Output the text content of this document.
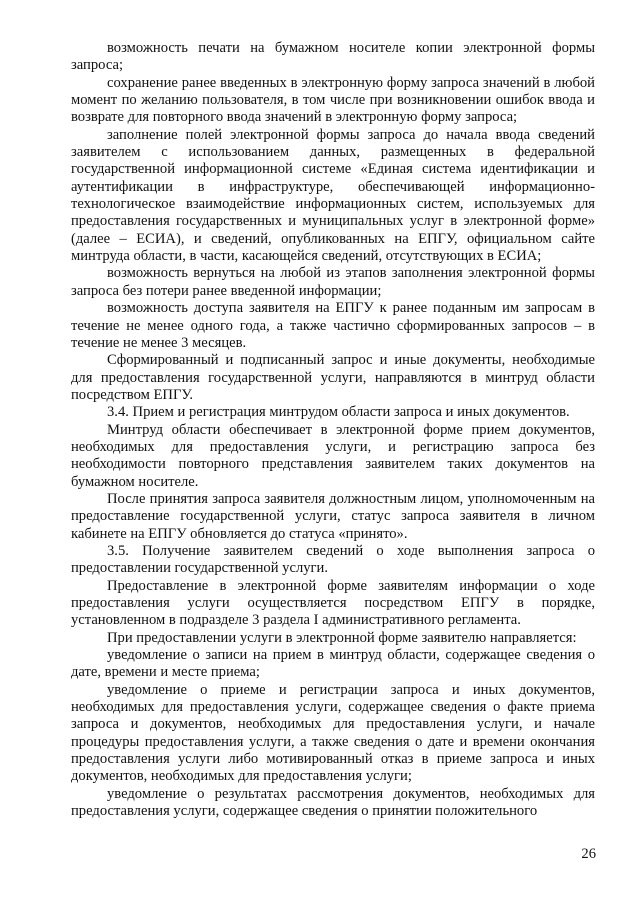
возможность печати на бумажном носителе копии электронной формы запроса;

сохранение ранее введенных в электронную форму запроса значений в любой момент по желанию пользователя, в том числе при возникновении ошибок ввода и возврате для повторного ввода значений в электронную форму запроса;

заполнение полей электронной формы запроса до начала ввода сведений заявителем с использованием данных, размещенных в федеральной государственной информационной системе «Единая система идентификации и аутентификации в инфраструктуре, обеспечивающей информационно-технологическое взаимодействие информационных систем, используемых для предоставления государственных и муниципальных услуг в электронной форме» (далее – ЕСИА), и сведений, опубликованных на ЕПГУ, официальном сайте минтруда области, в части, касающейся сведений, отсутствующих в ЕСИА;

возможность вернуться на любой из этапов заполнения электронной формы запроса без потери ранее введенной информации;

возможность доступа заявителя на ЕПГУ к ранее поданным им запросам в течение не менее одного года, а также частично сформированных запросов – в течение не менее 3 месяцев.

Сформированный и подписанный запрос и иные документы, необходимые для предоставления государственной услуги, направляются в минтруд области посредством ЕПГУ.

3.4. Прием и регистрация минтрудом области запроса и иных документов.

Минтруд области обеспечивает в электронной форме прием документов, необходимых для предоставления услуги, и регистрацию запроса без необходимости повторного представления заявителем таких документов на бумажном носителе.

После принятия запроса заявителя должностным лицом, уполномоченным на предоставление государственной услуги, статус запроса заявителя в личном кабинете на ЕПГУ обновляется до статуса «принято».

3.5. Получение заявителем сведений о ходе выполнения запроса о предоставлении государственной услуги.

Предоставление в электронной форме заявителям информации о ходе предоставления услуги осуществляется посредством ЕПГУ в порядке, установленном в подразделе 3 раздела I административного регламента.

При предоставлении услуги в электронной форме заявителю направляется:

уведомление о записи на прием в минтруд области, содержащее сведения о дате, времени и месте приема;

уведомление о приеме и регистрации запроса и иных документов, необходимых для предоставления услуги, содержащее сведения о факте приема запроса и документов, необходимых для предоставления услуги, и начале процедуры предоставления услуги, а также сведения о дате и времени окончания предоставления услуги либо мотивированный отказ в приеме запроса и иных документов, необходимых для предоставления услуги;

уведомление о результатах рассмотрения документов, необходимых для предоставления услуги, содержащее сведения о принятии положительного

26
